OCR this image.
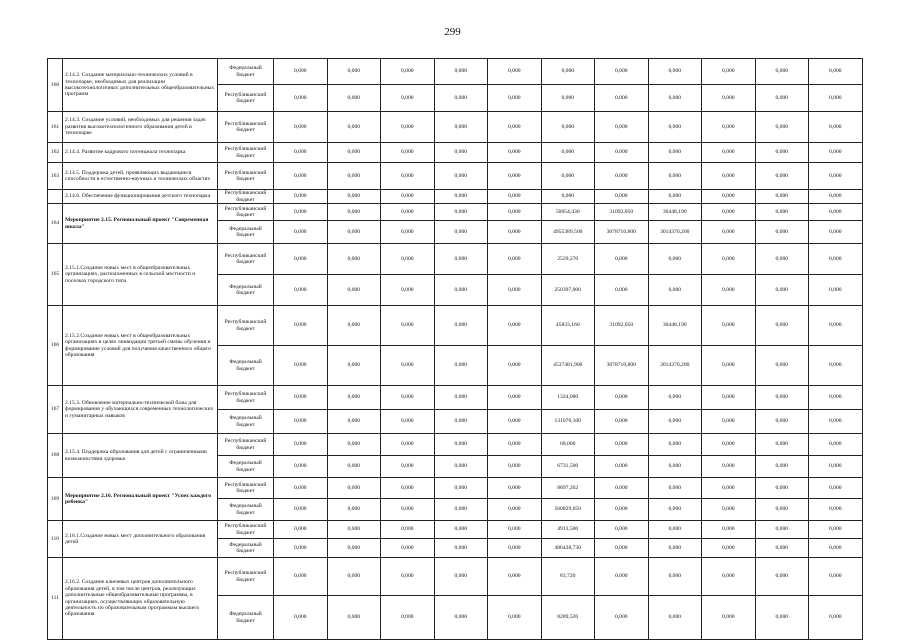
299
160	2.14.2. Создание материально-технических условий в технопарке, необходимых для реализации высокотехнологичных дополнительных общеобразовательных программ	Федеральный бюджет	0,000	0,000	0,000	0,000	0,000	0,000	0,000	0,000	0,000	0,000	0,000
		Республиканский бюджет	0,000	0,000	0,000	0,000	0,000	0,000	0,000	0,000	0,000	0,000	0,000
161	2.14.3. Создание условий, необходимых для решения задач развития высокотехнологичного образования детей в технопарке	Республиканский бюджет	0,000	0,000	0,000	0,000	0,000	0,000	0,000	0,000	0,000	0,000	0,000
162	2.14.4. Развитие кадрового потенциала технопарка	Республиканский бюджет	0,000	0,000	0,000	0,000	0,000	0,000	0,000	0,000	0,000	0,000	0,000
163	2.14.5. Поддержка детей, проявляющих выдающиеся способности в естественно-научных и технических областях	Республиканский бюджет	0,000	0,000	0,000	0,000	0,000	0,000	0,000	0,000	0,000	0,000	0,000
	2.14.6. Обеспечение функционирования детского технопарка	Республиканский бюджет	0,000	0,000	0,000	0,000	0,000	0,000	0,000	0,000	0,000	0,000	0,000
164	Мероприятие 2.15. Региональный проект "Современная школа"	Республиканский бюджет	0,000	0,000	0,000	0,000	0,000	50054,430	31092,050	30448,190	0,000	0,000	0,000
		Федеральный бюджет	0,000	0,000	0,000	0,000	0,000	4955389,500	3078710,800	3014370,200	0,000	0,000	0,000
165	2.15.1.Создание новых мест в общеобразовательных организациях, расположенных в сельской местности и поселках городского типа	Республиканский бюджет	0,000	0,000	0,000	0,000	0,000	2529,270	0,000	0,000	0,000	0,000	0,000
		Федеральный бюджет	0,000	0,000	0,000	0,000	0,000	250397,000	0,000	0,000	0,000	0,000	0,000
166	2.15.2.Создание новых мест в общеобразовательных организациях в целях ликвидации третьей смены обучения и формирование условий для получения качественного общего образования	Республиканский бюджет	0,000	0,000	0,000	0,000	0,000	45833,160	31092,050	30448,190	0,000	0,000	0,000
		Федеральный бюджет	0,000	0,000	0,000	0,000	0,000	4537481,900	3078710,800	3014370,200	0,000	0,000	0,000
167	2.15.3. Обновление материально-технической базы для формирования у обучающихся современных технологических и гуманитарных навыков	Республиканский бюджет	0,000	0,000	0,000	0,000	0,000	1324,000	0,000	0,000	0,000	0,000	0,000
		Федеральный бюджет	0,000	0,000	0,000	0,000	0,000	131070,100	0,000	0,000	0,000	0,000	0,000
168	2.15.4. Поддержка образования для детей с ограниченными возможностями здоровья	Республиканский бюджет	0,000	0,000	0,000	0,000	0,000	68,000	0,000	0,000	0,000	0,000	0,000
		Федеральный бюджет	0,000	0,000	0,000	0,000	0,000	6731,500	0,000	0,000	0,000	0,000	0,000
169	Мероприятие 2.16. Региональный проект "Успех каждого ребенка"	Республиканский бюджет	0,000	0,000	0,000	0,000	0,000	8897,262	0,000	0,000	0,000	0,000	0,000
		Федеральный бюджет	0,000	0,000	0,000	0,000	0,000	560829,050	0,000	0,000	0,000	0,000	0,000
110	2.16.1.Создание новых мест дополнительного образования детей	Республиканский бюджет	0,000	0,000	0,000	0,000	0,000	4913,500	0,000	0,000	0,000	0,000	0,000
		Федеральный бюджет	0,000	0,000	0,000	0,000	0,000	486438,730	0,000	0,000	0,000	0,000	0,000
111	2.16.2. Создание ключевых центров дополнительного образования детей, в том числе центров, реализующих дополнительные общеобразовательные программы, в организациях, осуществляющих образовательную деятельность по образовательным программам высшего образования	Республиканский бюджет	0,000	0,000	0,000	0,000	0,000	83,720	0,000	0,000	0,000	0,000	0,000
		Федеральный бюджет	0,000	0,000	0,000	0,000	0,000	8289,520	0,000	0,000	0,000	0,000	0,000
